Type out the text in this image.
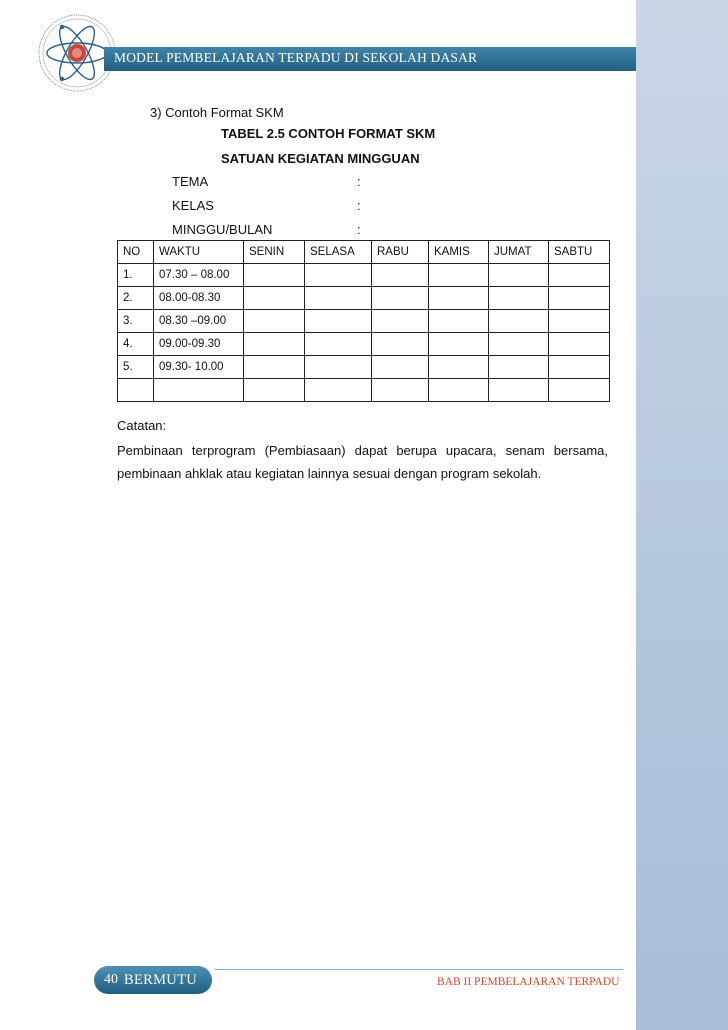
MODEL PEMBELAJARAN TERPADU DI SEKOLAH DASAR
3) Contoh Format SKM
TABEL 2.5 CONTOH FORMAT SKM
SATUAN KEGIATAN MINGGUAN
TEMA	:
KELAS	:
MINGGU/BULAN	:
NO	WAKTU	SENIN	SELASA	RABU	KAMIS	JUMAT	SABTU
1.	07.30 – 08.00						
2.	08.00-08.30						
3.	08.30 –09.00						
4.	09.00-09.30						
5.	09.30- 10.00						

Catatan:
Pembinaan terprogram (Pembiasaan) dapat berupa upacara, senam bersama,
pembinaan ahklak atau kegiatan lainnya sesuai dengan program sekolah.
40 BERMUTU	BAB II PEMBELAJARAN TERPADU
